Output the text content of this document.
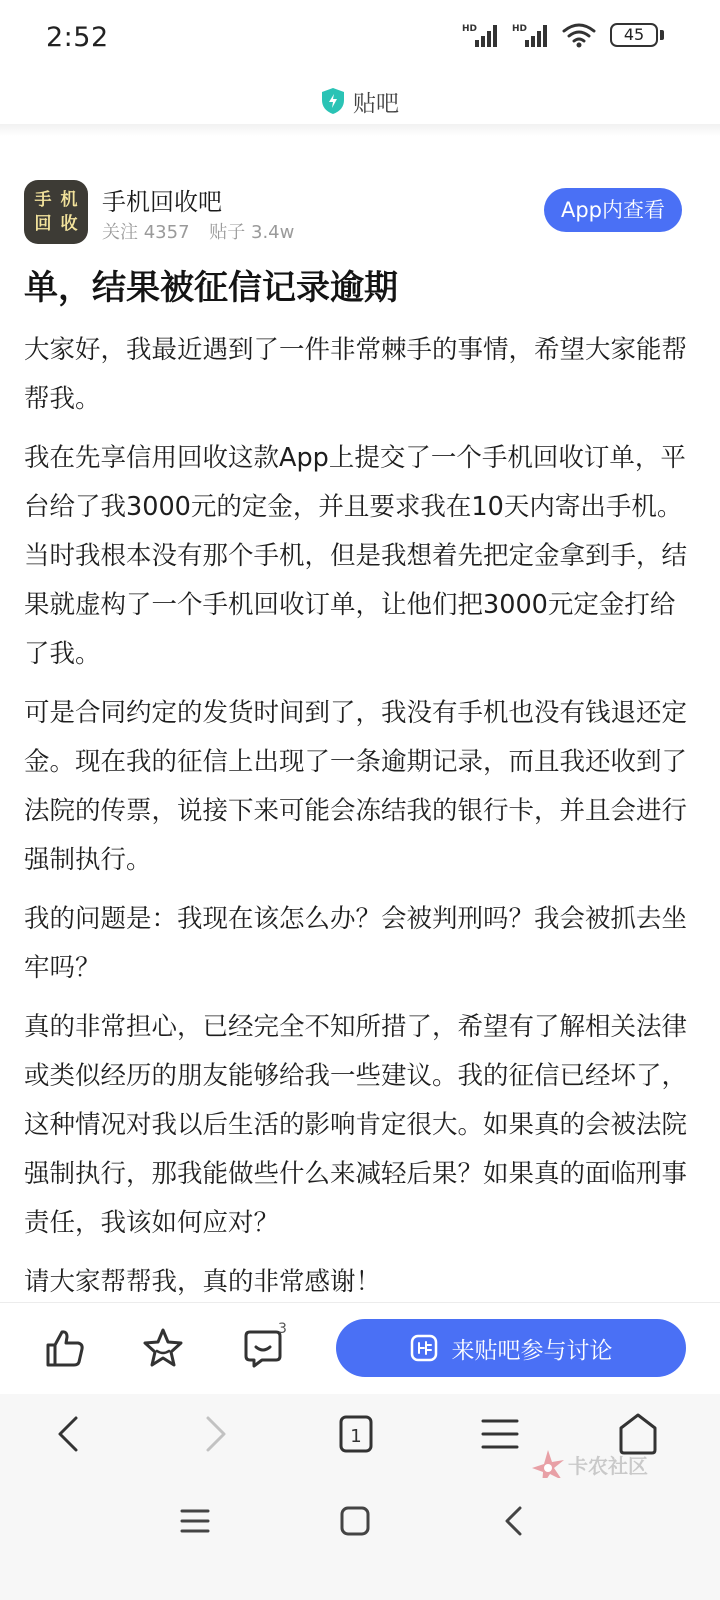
2:52	HD	HD	45
贴吧
手 机
回 收
手机回收吧
关注 4357 贴子 3.4w
App内查看
单，结果被征信记录逾期

大家好，我最近遇到了一件非常棘手的事情，希望大家能帮帮我。

我在先享信用回收这款App上提交了一个手机回收订单，平台给了我3000元的定金，并且要求我在10天内寄出手机。当时我根本没有那个手机，但是我想着先把定金拿到手，结果就虚构了一个手机回收订单，让他们把3000元定金打给了我。

可是合同约定的发货时间到了，我没有手机也没有钱退还定金。现在我的征信上出现了一条逾期记录，而且我还收到了法院的传票，说接下来可能会冻结我的银行卡，并且会进行强制执行。

我的问题是：我现在该怎么办？会被判刑吗？我会被抓去坐牢吗？

真的非常担心，已经完全不知所措了，希望有了解相关法律或类似经历的朋友能够给我一些建议。我的征信已经坏了，这种情况对我以后生活的影响肯定很大。如果真的会被法院强制执行，那我能做些什么来减轻后果？如果真的面临刑事责任，我该如何应对？

请大家帮帮我，真的非常感谢！

3
来贴吧参与讨论
1
卡农社区
